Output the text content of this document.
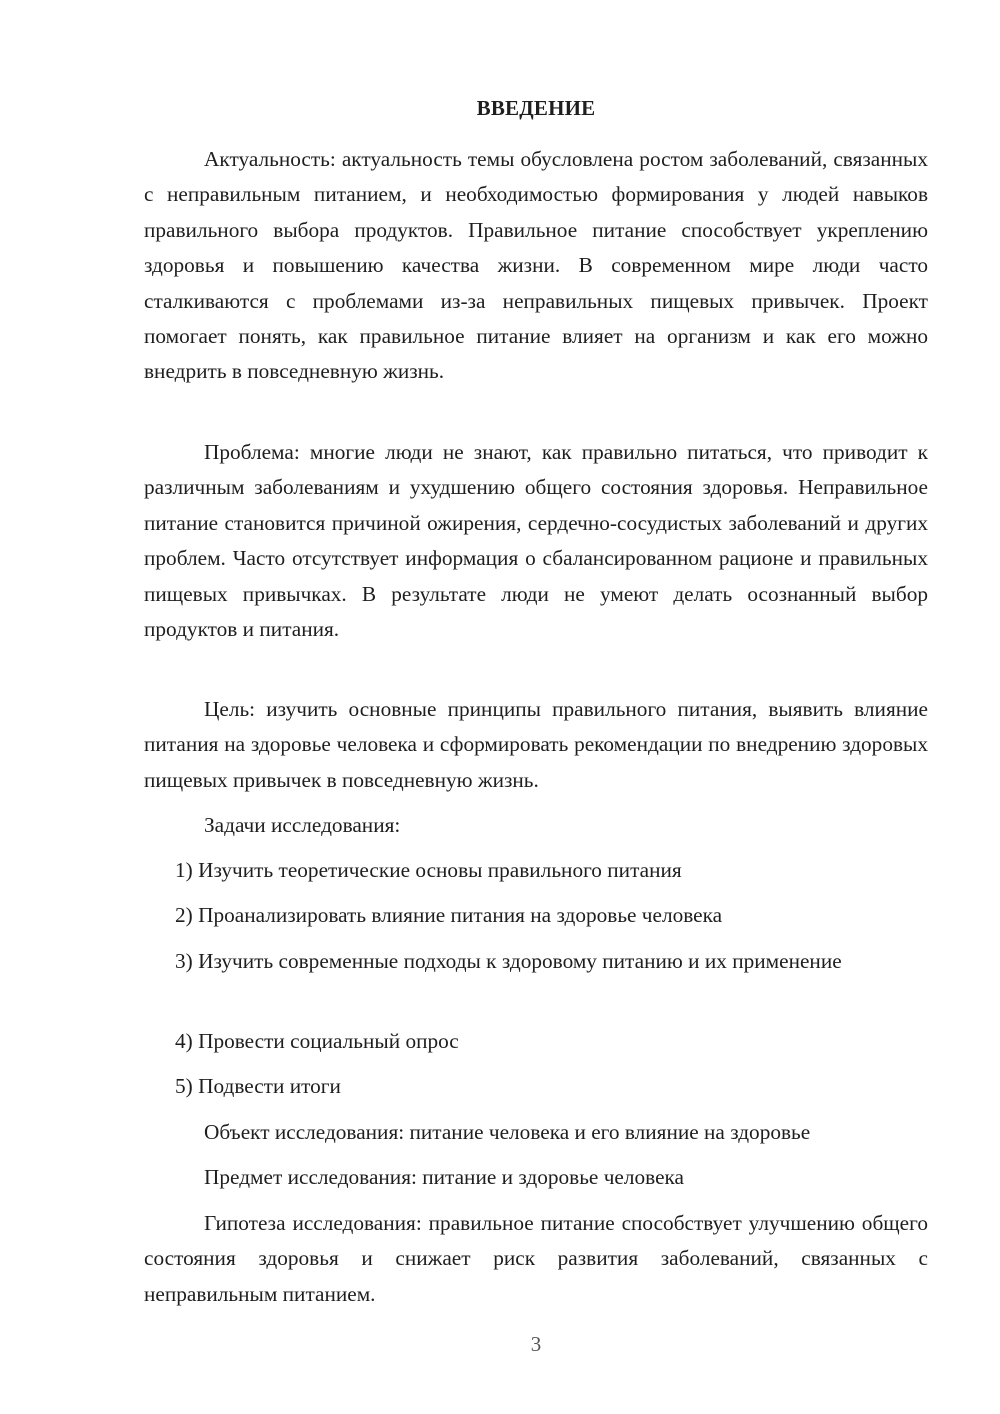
ВВЕДЕНИЕ

Актуальность: актуальность темы обусловлена ростом заболеваний, связанных с неправильным питанием, и необходимостью формирования у людей навыков правильного выбора продуктов. Правильное питание способствует укреплению здоровья и повышению качества жизни. В современном мире люди часто сталкиваются с проблемами из-за неправильных пищевых привычек. Проект помогает понять, как правильное питание влияет на организм и как его можно внедрить в повседневную жизнь.

Проблема: многие люди не знают, как правильно питаться, что приводит к различным заболеваниям и ухудшению общего состояния здоровья. Неправильное питание становится причиной ожирения, сердечно-сосудистых заболеваний и других проблем. Часто отсутствует информация о сбалансированном рационе и правильных пищевых привычках. В результате люди не умеют делать осознанный выбор продуктов и питания.

Цель: изучить основные принципы правильного питания, выявить влияние питания на здоровье человека и сформировать рекомендации по внедрению здоровых пищевых привычек в повседневную жизнь.

Задачи исследования:

1) Изучить теоретические основы правильного питания

2) Проанализировать влияние питания на здоровье человека

3) Изучить современные подходы к здоровому питанию и их применение

4) Провести социальный опрос

5) Подвести итоги

Объект исследования: питание человека и его влияние на здоровье

Предмет исследования: питание и здоровье человека

Гипотеза исследования: правильное питание способствует улучшению общего состояния здоровья и снижает риск развития заболеваний, связанных с неправильным питанием.

3
